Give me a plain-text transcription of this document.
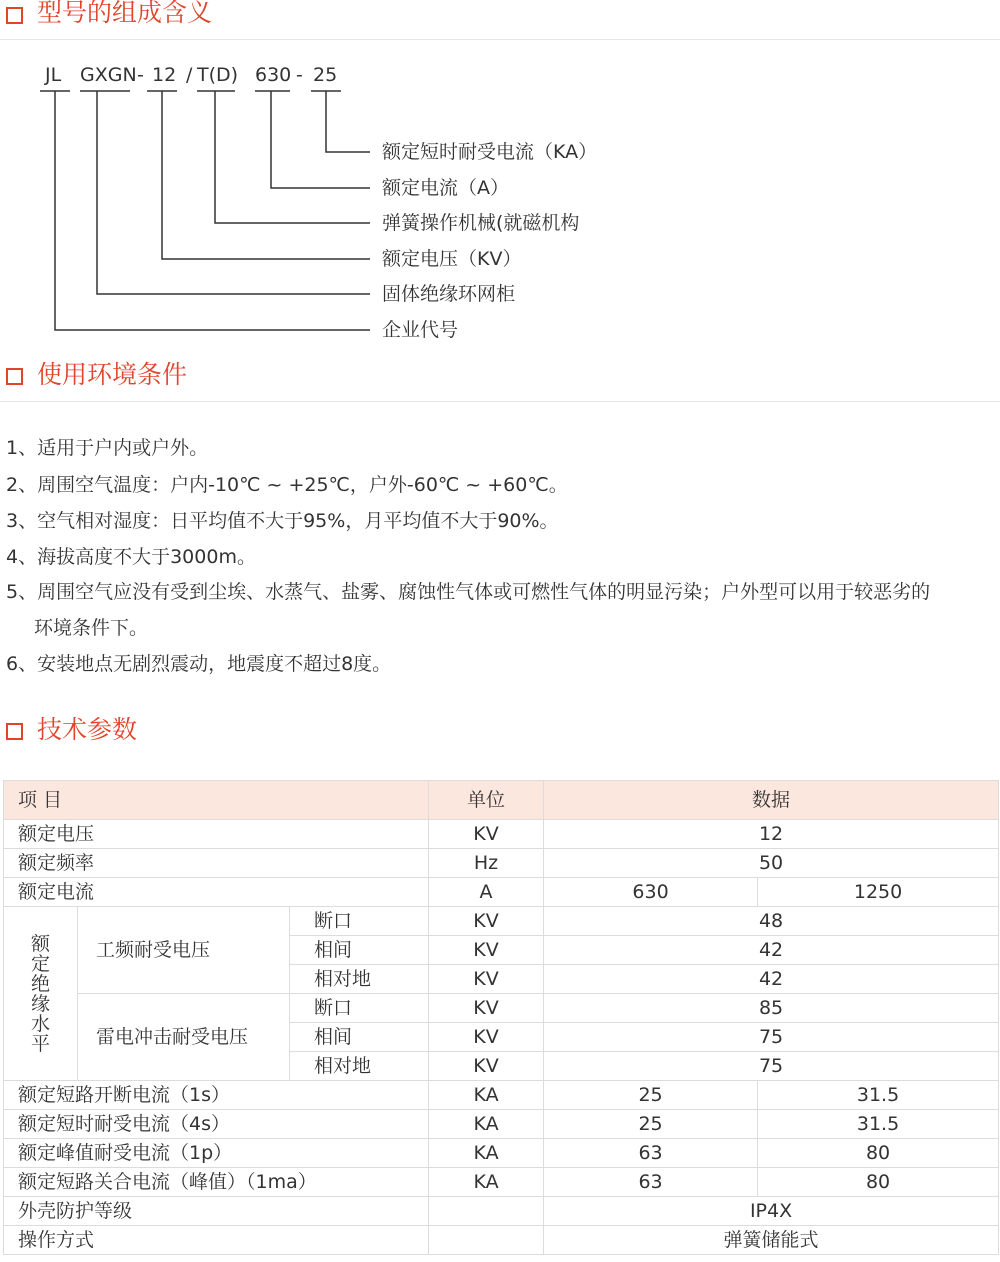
型号的组成含义
JL GXGN - 12 / T(D) 630 - 25
额定短时耐受电流（KA）
额定电流（A）
弹簧操作机械(就磁机构
额定电压（KV）
固体绝缘环网柜
企业代号
使用环境条件
1、适用于户内或户外。
2、周围空气温度：户内-10℃ ~ +25℃，户外-60℃ ~ +60℃。
3、空气相对湿度：日平均值不大于95%，月平均值不大于90%。
4、海拔高度不大于3000m。
5、周围空气应没有受到尘埃、水蒸气、盐雾、腐蚀性气体或可燃性气体的明显污染；户外型可以用于较恶劣的
环境条件下。
6、安装地点无剧烈震动，地震度不超过8度。
技术参数
项 目			单位	数据	
额定电压			KV	12	
额定频率			Hz	50	
额定电流			A	630	1250
额定绝缘水平	工频耐受电压	断口	KV	48	
		相间	KV	42	
		相对地	KV	42	
	雷电冲击耐受电压	断口	KV	85	
		相间	KV	75	
		相对地	KV	75	
额定短路开断电流（1s）			KA	25	31.5
额定短时耐受电流（4s）			KA	25	31.5
额定峰值耐受电流（1p）			KA	63	80
额定短路关合电流（峰值）（1ma）			KA	63	80
外壳防护等级				IP4X	
操作方式				弹簧储能式	
